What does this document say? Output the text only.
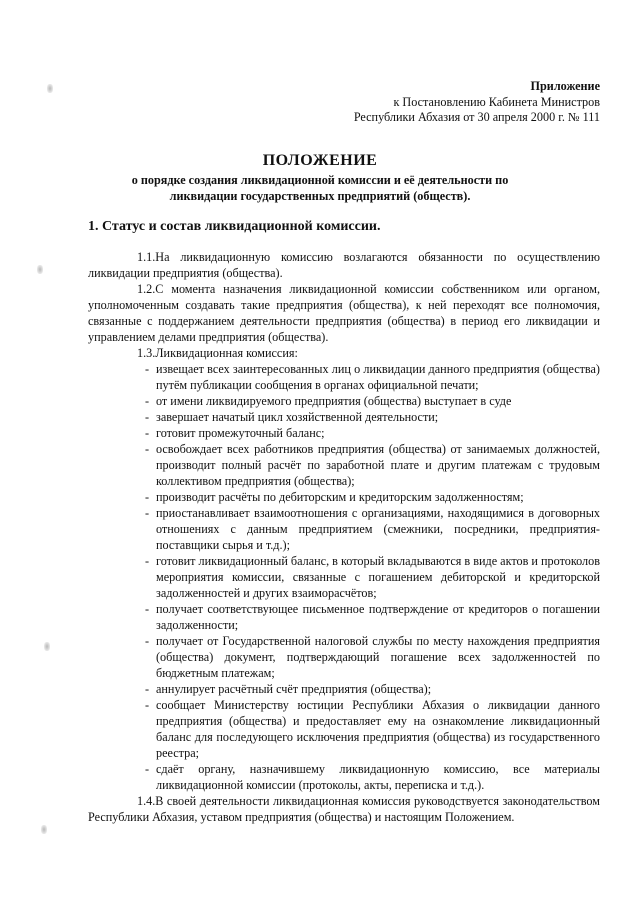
Приложение
к Постановлению Кабинета Министров
Республики Абхазия от 30 апреля 2000 г. № 111
ПОЛОЖЕНИЕ
о порядке создания ликвидационной комиссии и её деятельности по
ликвидации государственных предприятий (обществ).
1. Статус и состав ликвидационной комиссии.

1.1.На ликвидационную комиссию возлагаются обязанности по осуществлению ликвидации предприятия (общества).

1.2.С момента назначения ликвидационной комиссии собственником или органом, уполномоченным создавать такие предприятия (общества), к ней переходят все полномочия, связанные с поддержанием деятельности предприятия (общества) в период его ликвидации и управлением делами предприятия (общества).

1.3.Ликвидационная комиссия:

- извещает всех заинтересованных лиц о ликвидации данного предприятия (общества) путём публикации сообщения в органах официальной печати;
- от имени ликвидируемого предприятия (общества) выступает в суде
- завершает начатый цикл хозяйственной деятельности;
- готовит промежуточный баланс;
- освобождает всех работников предприятия (общества) от занимаемых должностей, производит полный расчёт по заработной плате и другим платежам с трудовым коллективом предприятия (общества);
- производит расчёты по дебиторским и кредиторским задолженностям;
- приостанавливает взаимоотношения с организациями, находящимися в договорных отношениях с данным предприятием (смежники, посредники, предприятия-поставщики сырья и т.д.);
- готовит ликвидационный баланс, в который вкладываются в виде актов и протоколов мероприятия комиссии, связанные с погашением дебиторской и кредиторской задолженностей и других взаиморасчётов;
- получает соответствующее письменное подтверждение от кредиторов о погашении задолженности;
- получает от Государственной налоговой службы по месту нахождения предприятия (общества) документ, подтверждающий погашение всех задолженностей по бюджетным платежам;
- аннулирует расчётный счёт предприятия (общества);
- сообщает Министерству юстиции Республики Абхазия о ликвидации данного предприятия (общества) и предоставляет ему на ознакомление ликвидационный баланс для последующего исключения предприятия (общества) из государственного реестра;
- сдаёт органу, назначившему ликвидационную комиссию, все материалы ликвидационной комиссии (протоколы, акты, переписка и т.д.).

1.4.В своей деятельности ликвидационная комиссия руководствуется законодательством Республики Абхазия, уставом предприятия (общества) и настоящим Положением.
